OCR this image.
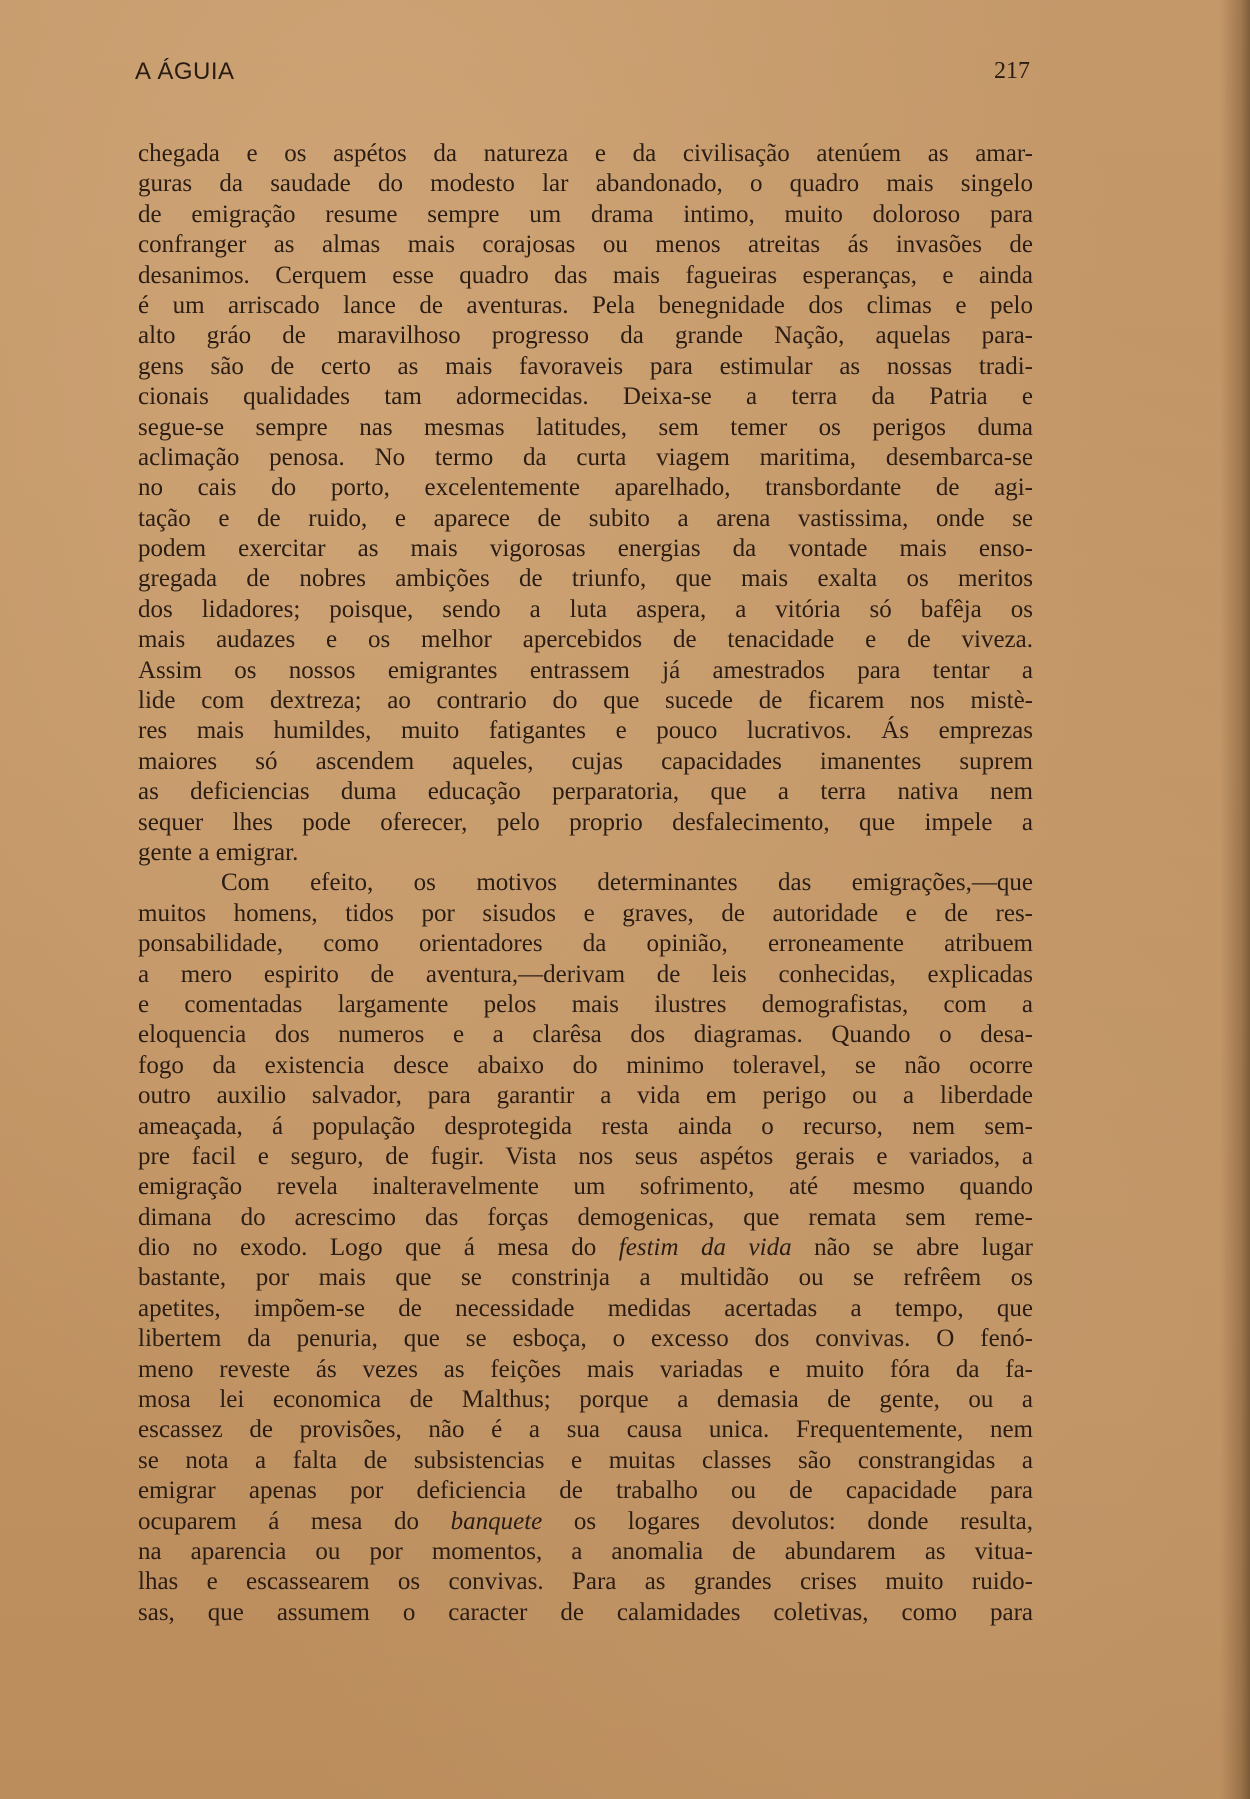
A ÁGUIA	217
chegada e os aspétos da natureza e da civilisação atenúem as amar-
guras da saudade do modesto lar abandonado, o quadro mais singelo
de emigração resume sempre um drama intimo, muito doloroso para
confranger as almas mais corajosas ou menos atreitas ás invasões de
desanimos. Cerquem esse quadro das mais fagueiras esperanças, e ainda
é um arriscado lance de aventuras. Pela benegnidade dos climas e pelo
alto gráo de maravilhoso progresso da grande Nação, aquelas para-
gens são de certo as mais favoraveis para estimular as nossas tradi-
cionais qualidades tam adormecidas. Deixa-se a terra da Patria e
segue-se sempre nas mesmas latitudes, sem temer os perigos duma
aclimação penosa. No termo da curta viagem maritima, desembarca-se
no cais do porto, excelentemente aparelhado, transbordante de agi-
tação e de ruido, e aparece de subito a arena vastissima, onde se
podem exercitar as mais vigorosas energias da vontade mais enso-
gregada de nobres ambições de triunfo, que mais exalta os meritos
dos lidadores; poisque, sendo a luta aspera, a vitória só bafêja os
mais audazes e os melhor apercebidos de tenacidade e de viveza.
Assim os nossos emigrantes entrassem já amestrados para tentar a
lide com dextreza; ao contrario do que sucede de ficarem nos mistè-
res mais humildes, muito fatigantes e pouco lucrativos. Ás emprezas
maiores só ascendem aqueles, cujas capacidades imanentes suprem
as deficiencias duma educação perparatoria, que a terra nativa nem
sequer lhes pode oferecer, pelo proprio desfalecimento, que impele a
gente a emigrar.
Com efeito, os motivos determinantes das emigrações,—que
muitos homens, tidos por sisudos e graves, de autoridade e de res-
ponsabilidade, como orientadores da opinião, erroneamente atribuem
a mero espirito de aventura,—derivam de leis conhecidas, explicadas
e comentadas largamente pelos mais ilustres demografistas, com a
eloquencia dos numeros e a clarêsa dos diagramas. Quando o desa-
fogo da existencia desce abaixo do minimo toleravel, se não ocorre
outro auxilio salvador, para garantir a vida em perigo ou a liberdade
ameaçada, á população desprotegida resta ainda o recurso, nem sem-
pre facil e seguro, de fugir. Vista nos seus aspétos gerais e variados, a
emigração revela inalteravelmente um sofrimento, até mesmo quando
dimana do acrescimo das forças demogenicas, que remata sem reme-
dio no exodo. Logo que á mesa do festim da vida não se abre lugar
bastante, por mais que se constrinja a multidão ou se refrêem os
apetites, impõem-se de necessidade medidas acertadas a tempo, que
libertem da penuria, que se esboça, o excesso dos convivas. O fenó-
meno reveste ás vezes as feições mais variadas e muito fóra da fa-
mosa lei economica de Malthus; porque a demasia de gente, ou a
escassez de provisões, não é a sua causa unica. Frequentemente, nem
se nota a falta de subsistencias e muitas classes são constrangidas a
emigrar apenas por deficiencia de trabalho ou de capacidade para
ocuparem á mesa do banquete os logares devolutos: donde resulta,
na aparencia ou por momentos, a anomalia de abundarem as vitua-
lhas e escassearem os convivas. Para as grandes crises muito ruido-
sas, que assumem o caracter de calamidades coletivas, como para
